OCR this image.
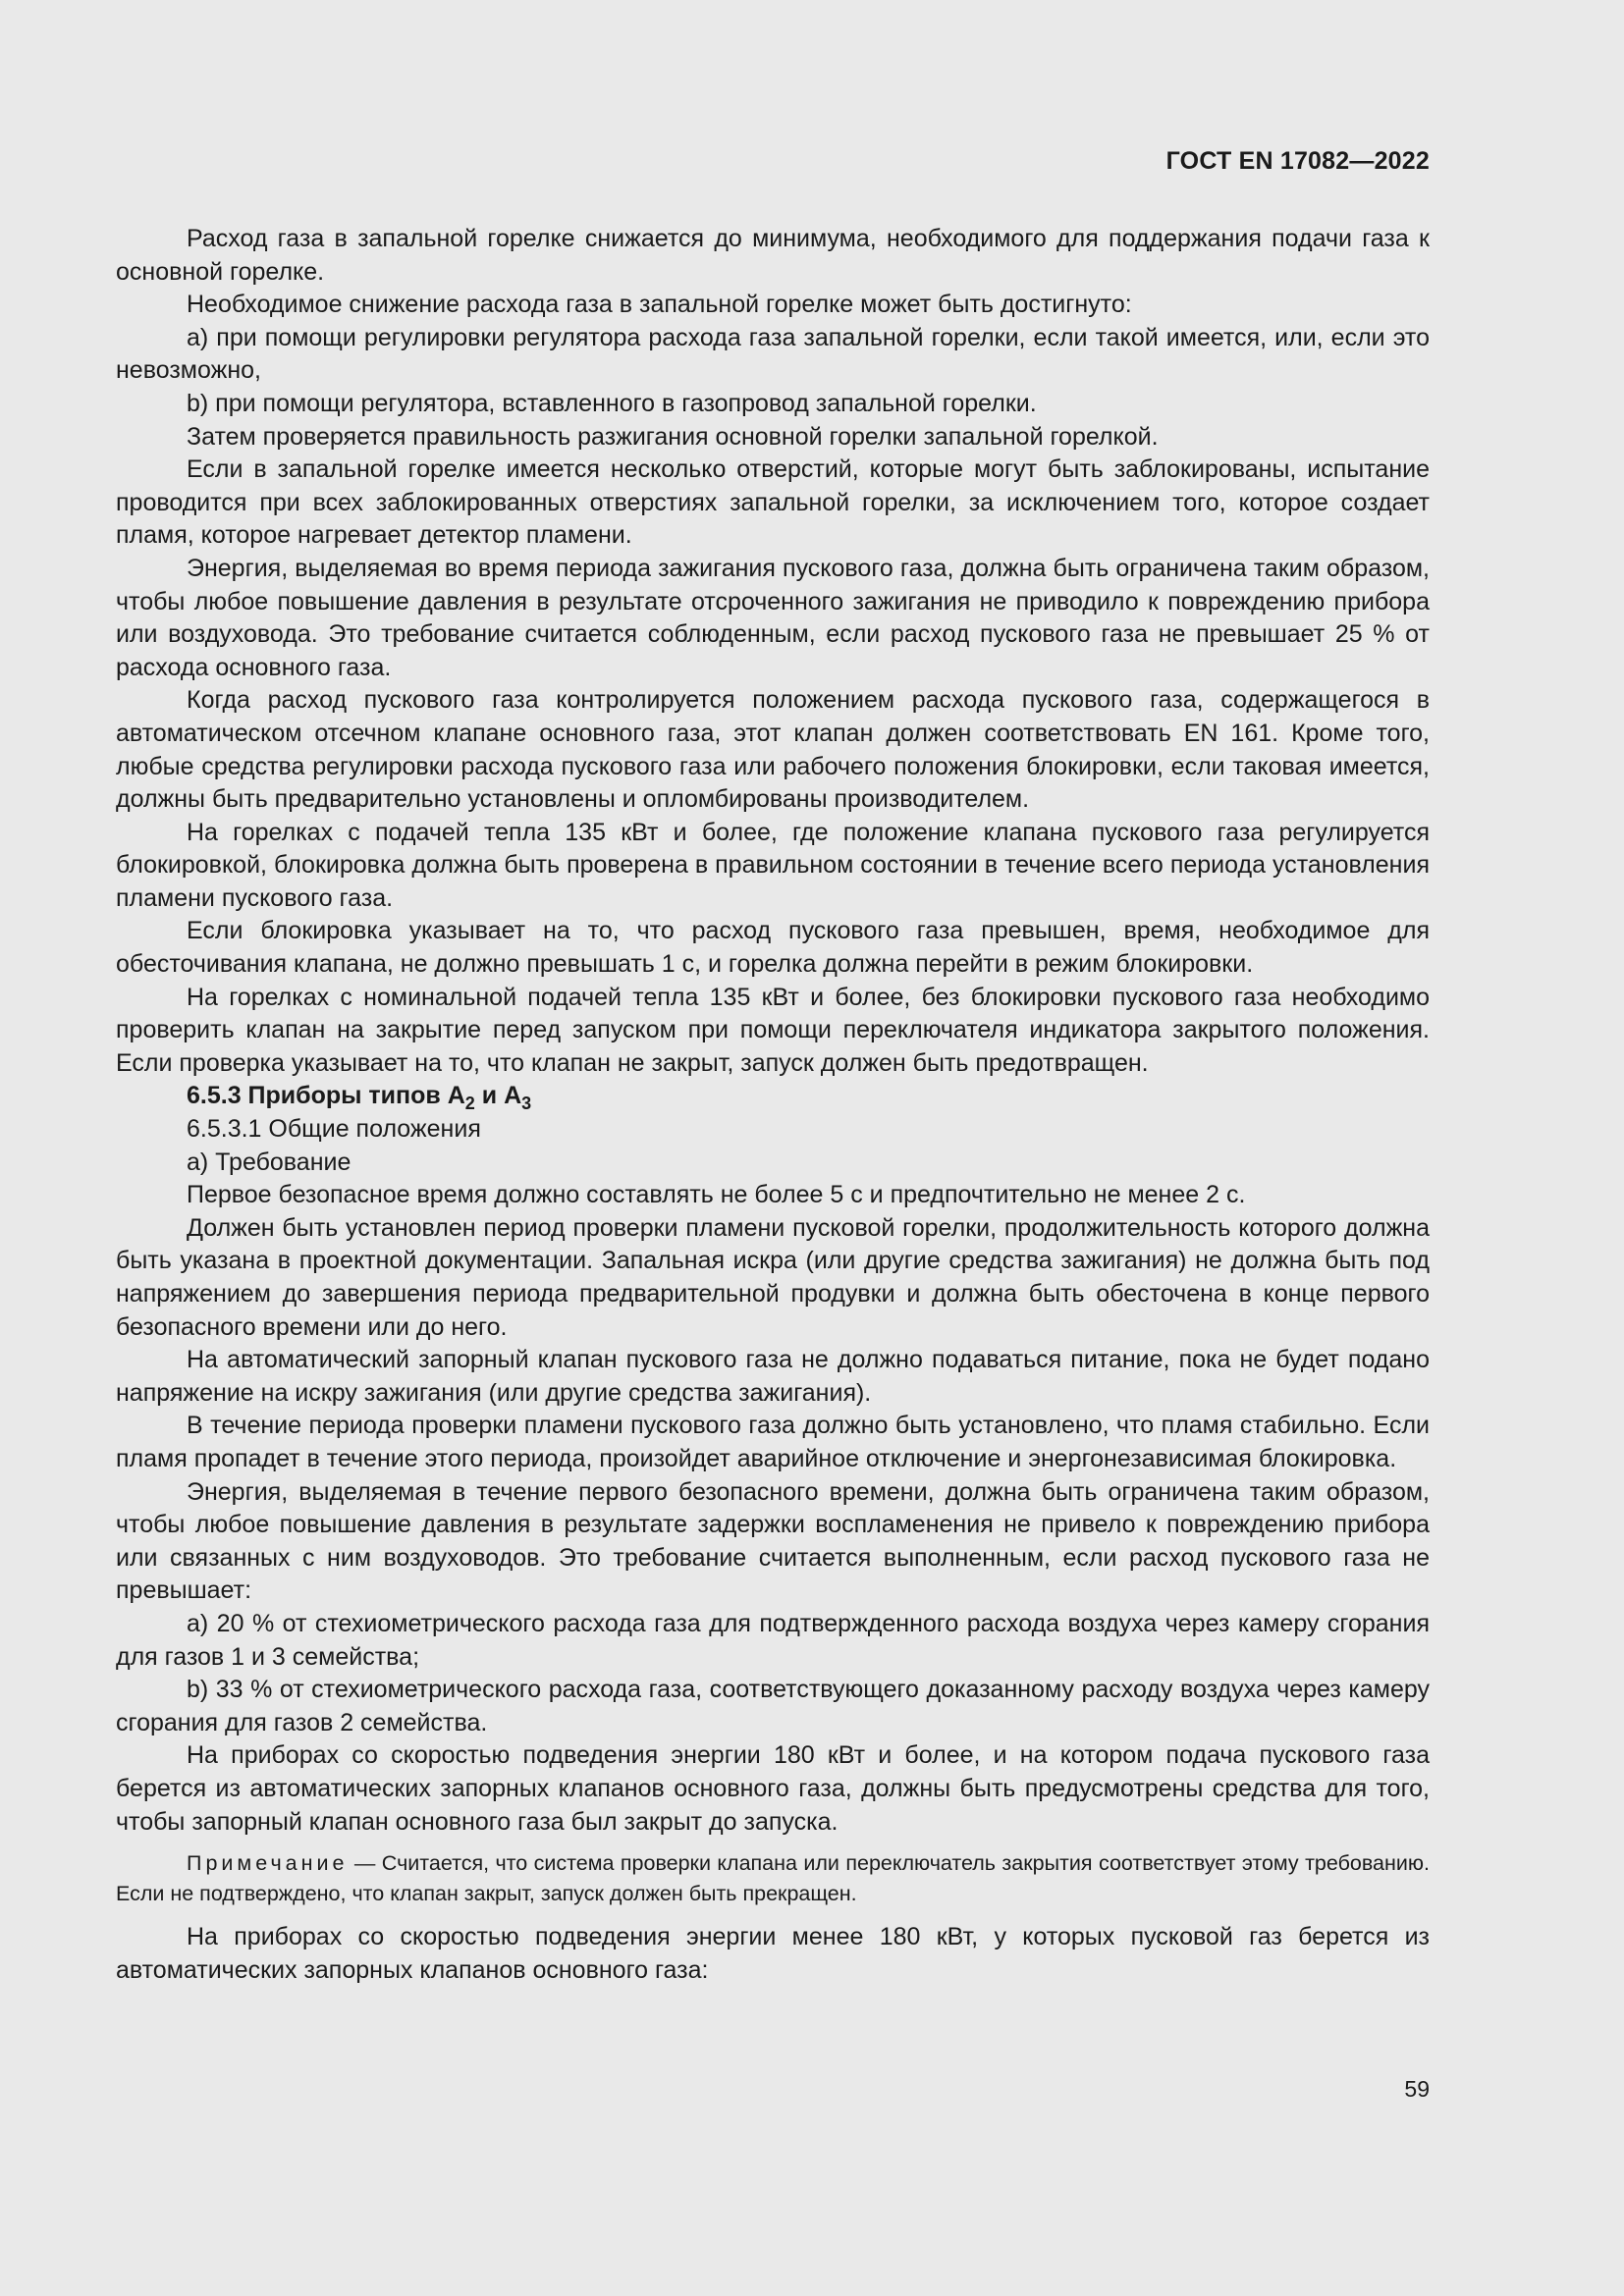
ГОСТ EN 17082—2022

Расход газа в запальной горелке снижается до минимума, необходимого для поддержания подачи газа к основной горелке.

Необходимое снижение расхода газа в запальной горелке может быть достигнуто:

а) при помощи регулировки регулятора расхода газа запальной горелки, если такой имеется, или, если это невозможно,

b) при помощи регулятора, вставленного в газопровод запальной горелки.

Затем проверяется правильность разжигания основной горелки запальной горелкой.

Если в запальной горелке имеется несколько отверстий, которые могут быть заблокированы, испытание проводится при всех заблокированных отверстиях запальной горелки, за исключением того, которое создает пламя, которое нагревает детектор пламени.

Энергия, выделяемая во время периода зажигания пускового газа, должна быть ограничена таким образом, чтобы любое повышение давления в результате отсроченного зажигания не приводило к повреждению прибора или воздуховода. Это требование считается соблюденным, если расход пускового газа не превышает 25 % от расхода основного газа.

Когда расход пускового газа контролируется положением расхода пускового газа, содержащегося в автоматическом отсечном клапане основного газа, этот клапан должен соответствовать EN 161. Кроме того, любые средства регулировки расхода пускового газа или рабочего положения блокировки, если таковая имеется, должны быть предварительно установлены и опломбированы производителем.

На горелках с подачей тепла 135 кВт и более, где положение клапана пускового газа регулируется блокировкой, блокировка должна быть проверена в правильном состоянии в течение всего периода установления пламени пускового газа.

Если блокировка указывает на то, что расход пускового газа превышен, время, необходимое для обесточивания клапана, не должно превышать 1 с, и горелка должна перейти в режим блокировки.

На горелках с номинальной подачей тепла 135 кВт и более, без блокировки пускового газа необходимо проверить клапан на закрытие перед запуском при помощи переключателя индикатора закрытого положения. Если проверка указывает на то, что клапан не закрыт, запуск должен быть предотвращен.

6.5.3 Приборы типов $A_2$ и $A_3$

6.5.3.1 Общие положения

а) Требование

Первое безопасное время должно составлять не более 5 с и предпочтительно не менее 2 с.

Должен быть установлен период проверки пламени пусковой горелки, продолжительность которого должна быть указана в проектной документации. Запальная искра (или другие средства зажигания) не должна быть под напряжением до завершения периода предварительной продувки и должна быть обесточена в конце первого безопасного времени или до него.

На автоматический запорный клапан пускового газа не должно подаваться питание, пока не будет подано напряжение на искру зажигания (или другие средства зажигания).

В течение периода проверки пламени пускового газа должно быть установлено, что пламя стабильно. Если пламя пропадет в течение этого периода, произойдет аварийное отключение и энергонезависимая блокировка.

Энергия, выделяемая в течение первого безопасного времени, должна быть ограничена таким образом, чтобы любое повышение давления в результате задержки воспламенения не привело к повреждению прибора или связанных с ним воздуховодов. Это требование считается выполненным, если расход пускового газа не превышает:

а) 20 % от стехиометрического расхода газа для подтвержденного расхода воздуха через камеру сгорания для газов 1 и 3 семейства;

b) 33 % от стехиометрического расхода газа, соответствующего доказанному расходу воздуха через камеру сгорания для газов 2 семейства.

На приборах со скоростью подведения энергии 180 кВт и более, и на котором подача пускового газа берется из автоматических запорных клапанов основного газа, должны быть предусмотрены средства для того, чтобы запорный клапан основного газа был закрыт до запуска.

Примечание — Считается, что система проверки клапана или переключатель закрытия соответствует этому требованию. Если не подтверждено, что клапан закрыт, запуск должен быть прекращен.

На приборах со скоростью подведения энергии менее 180 кВт, у которых пусковой газ берется из автоматических запорных клапанов основного газа:

59
